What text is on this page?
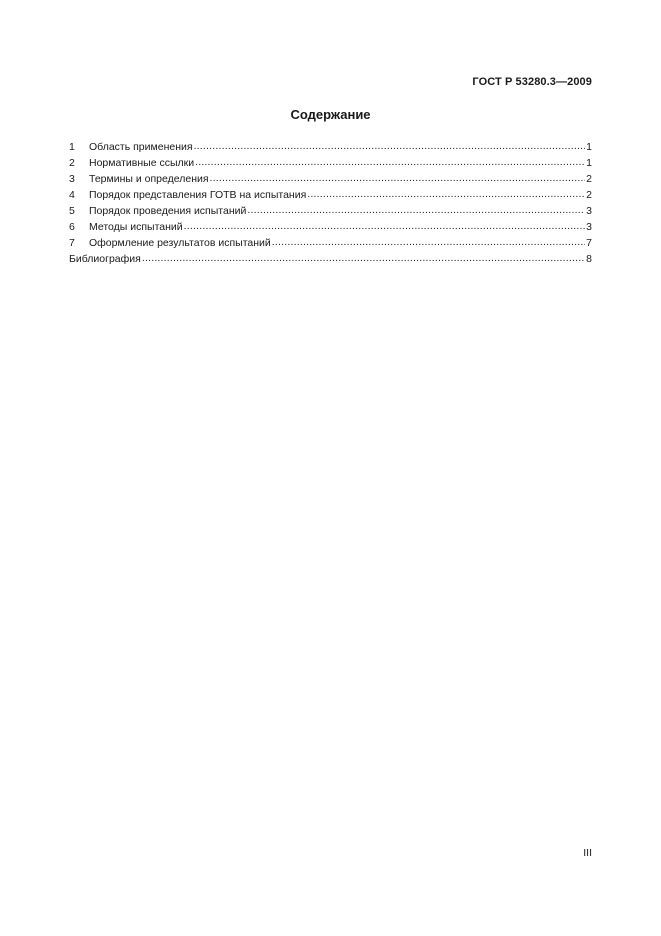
ГОСТ Р 53280.3—2009
Содержание
1	Область применения .....	1
2	Нормативные ссылки .....	1
3	Термины и определения .....	2
4	Порядок представления ГОТВ на испытания .....	2
5	Порядок проведения испытаний .....	3
6	Методы испытаний .....	3
7	Оформление результатов испытаний .....	7
Библиография .....	8
III
